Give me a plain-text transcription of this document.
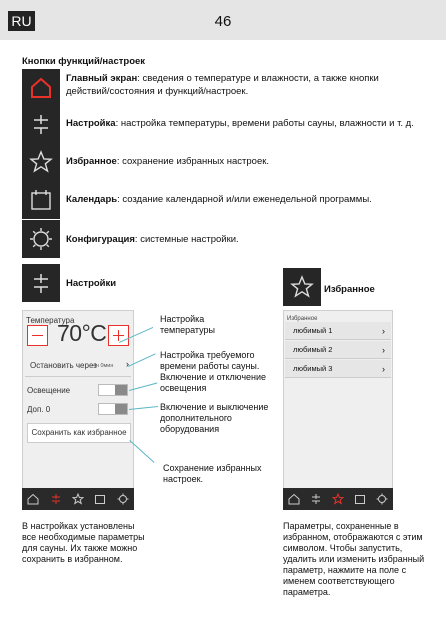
RU	46
Кнопки функций/настроек
Главный экран: сведения о температуре и влажности, а также кнопки действий/состояния и функций/настроек.
Настройка: настройка температуры, времени работы сауны, влажности и т. д.
Избранное: сохранение избранных настроек.
Календарь: создание календарной и/или еженедельной программы.
Конфигурация: системные настройки.
Настройки
Температура
70°C
Остановить через
4ч 0мин ›
Освещение
Доп. 0
Сохранить как избранное
Настройка температуры
Настройка требуемого времени работы сауны.
Включение и отключение освещения
Включение и выключение дополнительного оборудования
Сохранение избранных настроек.
В настройках установлены все необходимые параметры для сауны. Их также можно сохранить в избранном.
Избранное
Избранное
любимый 1	›
любимый 2	›
любимый 3	›
Параметры, сохраненные в избранном, отображаются с этим символом. Чтобы запустить, удалить или изменить избранный параметр, нажмите на поле с именем соответствующего параметра.
